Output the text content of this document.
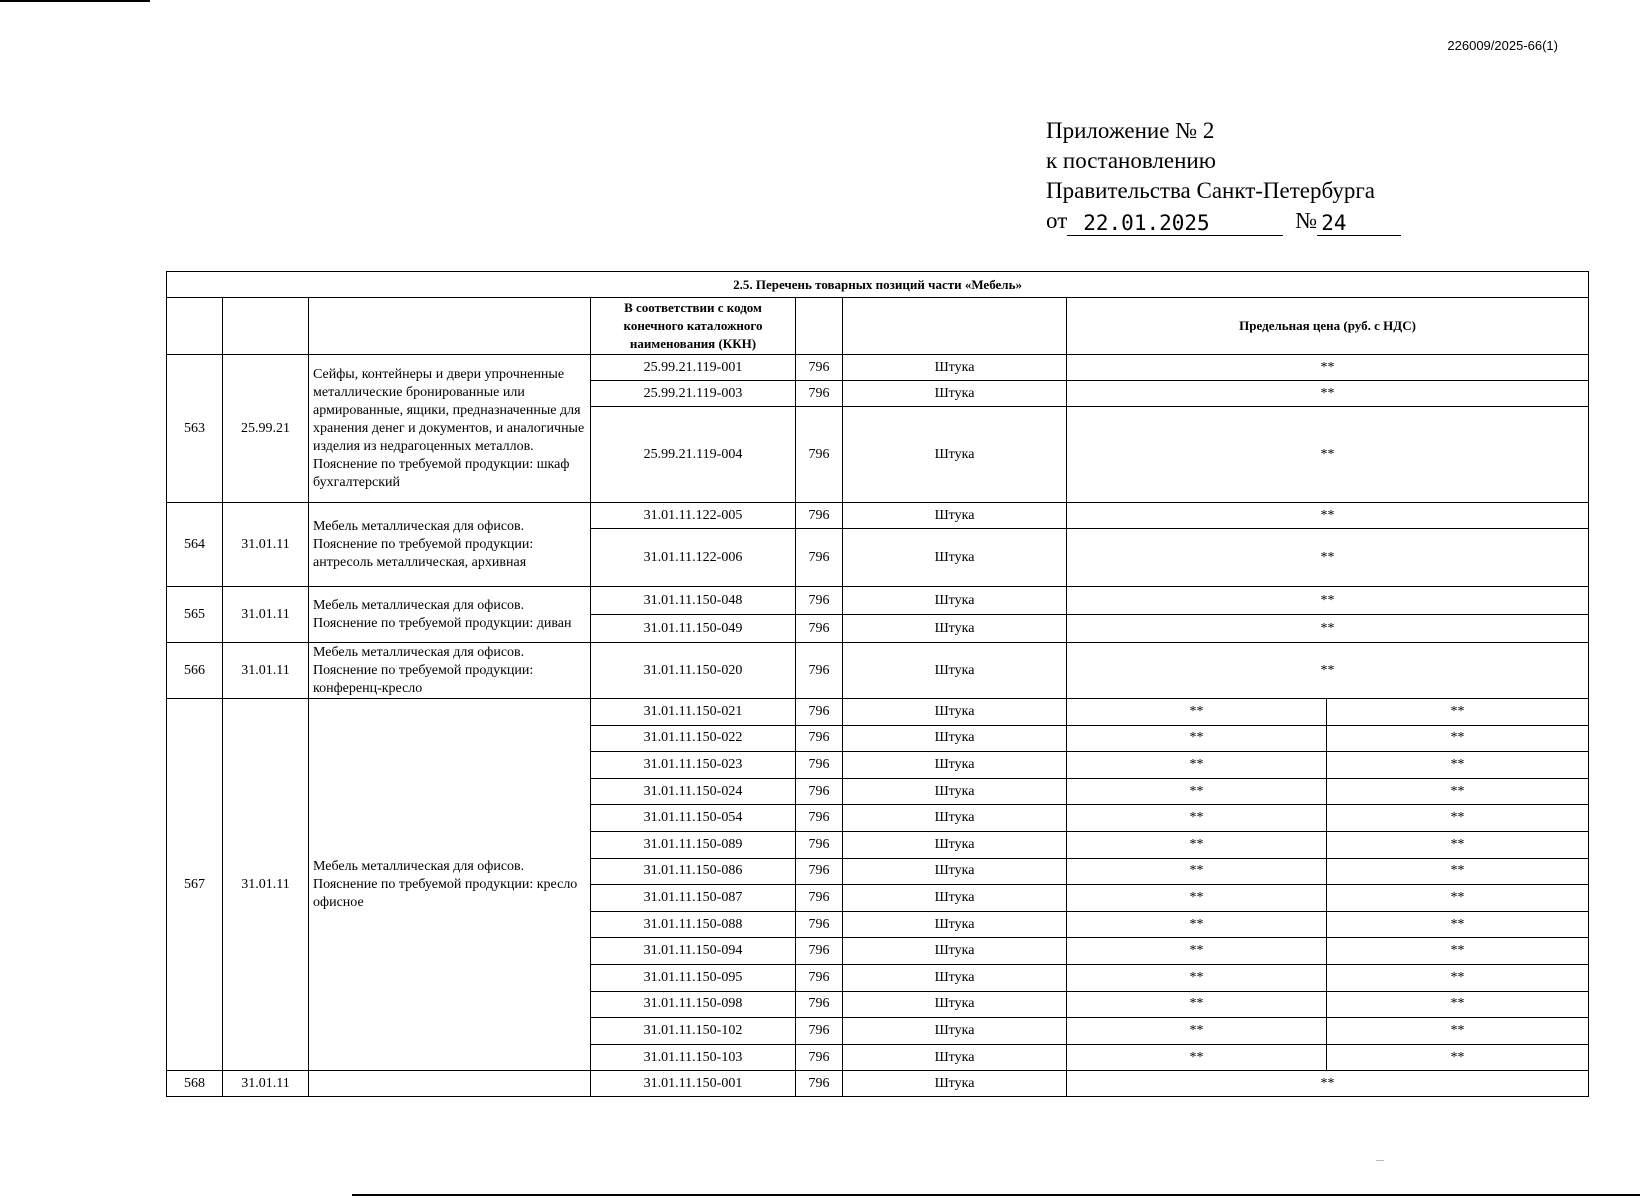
226009/2025-66(1)
Приложение № 2
к постановлению
Правительства Санкт-Петербурга
от 22.01.2025	№ 24
2.5. Перечень товарных позиций части «Мебель»							
			В соответствии с кодом конечного каталожного наименования (ККН)			Предельная цена (руб. с НДС)	
563	25.99.21	Сейфы, контейнеры и двери упрочненные металлические бронированные или армированные, ящики, предназначенные для хранения денег и документов, и аналогичные изделия из недрагоценных металлов. Пояснение по требуемой продукции: шкаф бухгалтерский	25.99.21.119-001	796	Штука	**	
			25.99.21.119-003	796	Штука	**	
			25.99.21.119-004	796	Штука	**	
564	31.01.11	Мебель металлическая для офисов. Пояснение по требуемой продукции: антресоль металлическая, архивная	31.01.11.122-005	796	Штука	**	
			31.01.11.122-006	796	Штука	**	
565	31.01.11	Мебель металлическая для офисов. Пояснение по требуемой продукции: диван	31.01.11.150-048	796	Штука	**	
			31.01.11.150-049	796	Штука	**	
566	31.01.11	Мебель металлическая для офисов. Пояснение по требуемой продукции: конференц-кресло	31.01.11.150-020	796	Штука	**	
567	31.01.11	Мебель металлическая для офисов. Пояснение по требуемой продукции: кресло офисное	31.01.11.150-021	796	Штука	**	**
			31.01.11.150-022	796	Штука	**	**
			31.01.11.150-023	796	Штука	**	**
			31.01.11.150-024	796	Штука	**	**
			31.01.11.150-054	796	Штука	**	**
			31.01.11.150-089	796	Штука	**	**
			31.01.11.150-086	796	Штука	**	**
			31.01.11.150-087	796	Штука	**	**
			31.01.11.150-088	796	Штука	**	**
			31.01.11.150-094	796	Штука	**	**
			31.01.11.150-095	796	Штука	**	**
			31.01.11.150-098	796	Штука	**	**
			31.01.11.150-102	796	Штука	**	**
			31.01.11.150-103	796	Штука	**	**
568	31.01.11		31.01.11.150-001	796	Штука	**	
